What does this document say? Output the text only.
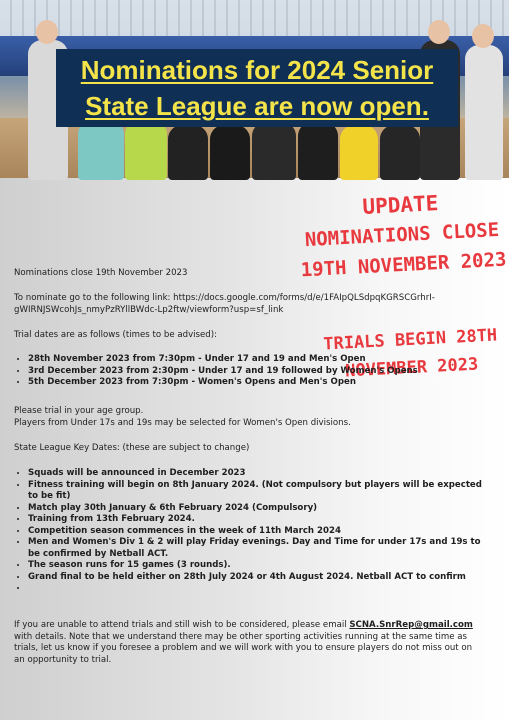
Nominations for 2024 Senior
State League are now open.
UPDATE
NOMINATIONS CLOSE
19TH NOVEMBER 2023
TRIALS BEGIN 28TH
NOVEMBER 2023
Nominations close 19th November 2023
To nominate go to the following link: https://docs.google.com/forms/d/e/1FAIpQLSdpqKGRSCGrhrI-
gWIRNJSWcohJs_nmyPzRYllBWdc-Lp2ftw/viewform?usp=sf_link
Trial dates are as follows (times to be advised):
• 28th November 2023 from 7:30pm - Under 17 and 19 and Men's Open
• 3rd December 2023 from 2:30pm - Under 17 and 19 followed by Women's Opens
• 5th December 2023 from 7:30pm - Women's Opens and Men's Open
Please trial in your age group.
Players from Under 17s and 19s may be selected for Women's Open divisions.
State League Key Dates: (these are subject to change)
• Squads will be announced in December 2023
• Fitness training will begin on 8th January 2024. (Not compulsory but players will be expected to be fit)
• Match play 30th January & 6th February 2024 (Compulsory)
• Training from 13th February 2024.
• Competition season commences in the week of 11th March 2024
• Men and Women's Div 1 & 2 will play Friday evenings. Day and Time for under 17s and 19s to be confirmed by Netball ACT.
• The season runs for 15 games (3 rounds).
• Grand final to be held either on 28th July 2024 or 4th August 2024. Netball ACT to confirm
•
If you are unable to attend trials and still wish to be considered, please email SCNA.SnrRep@gmail.com with details. Note that we understand there may be other sporting activities running at the same time as trials, let us know if you foresee a problem and we will work with you to ensure players do not miss out on an opportunity to trial.
